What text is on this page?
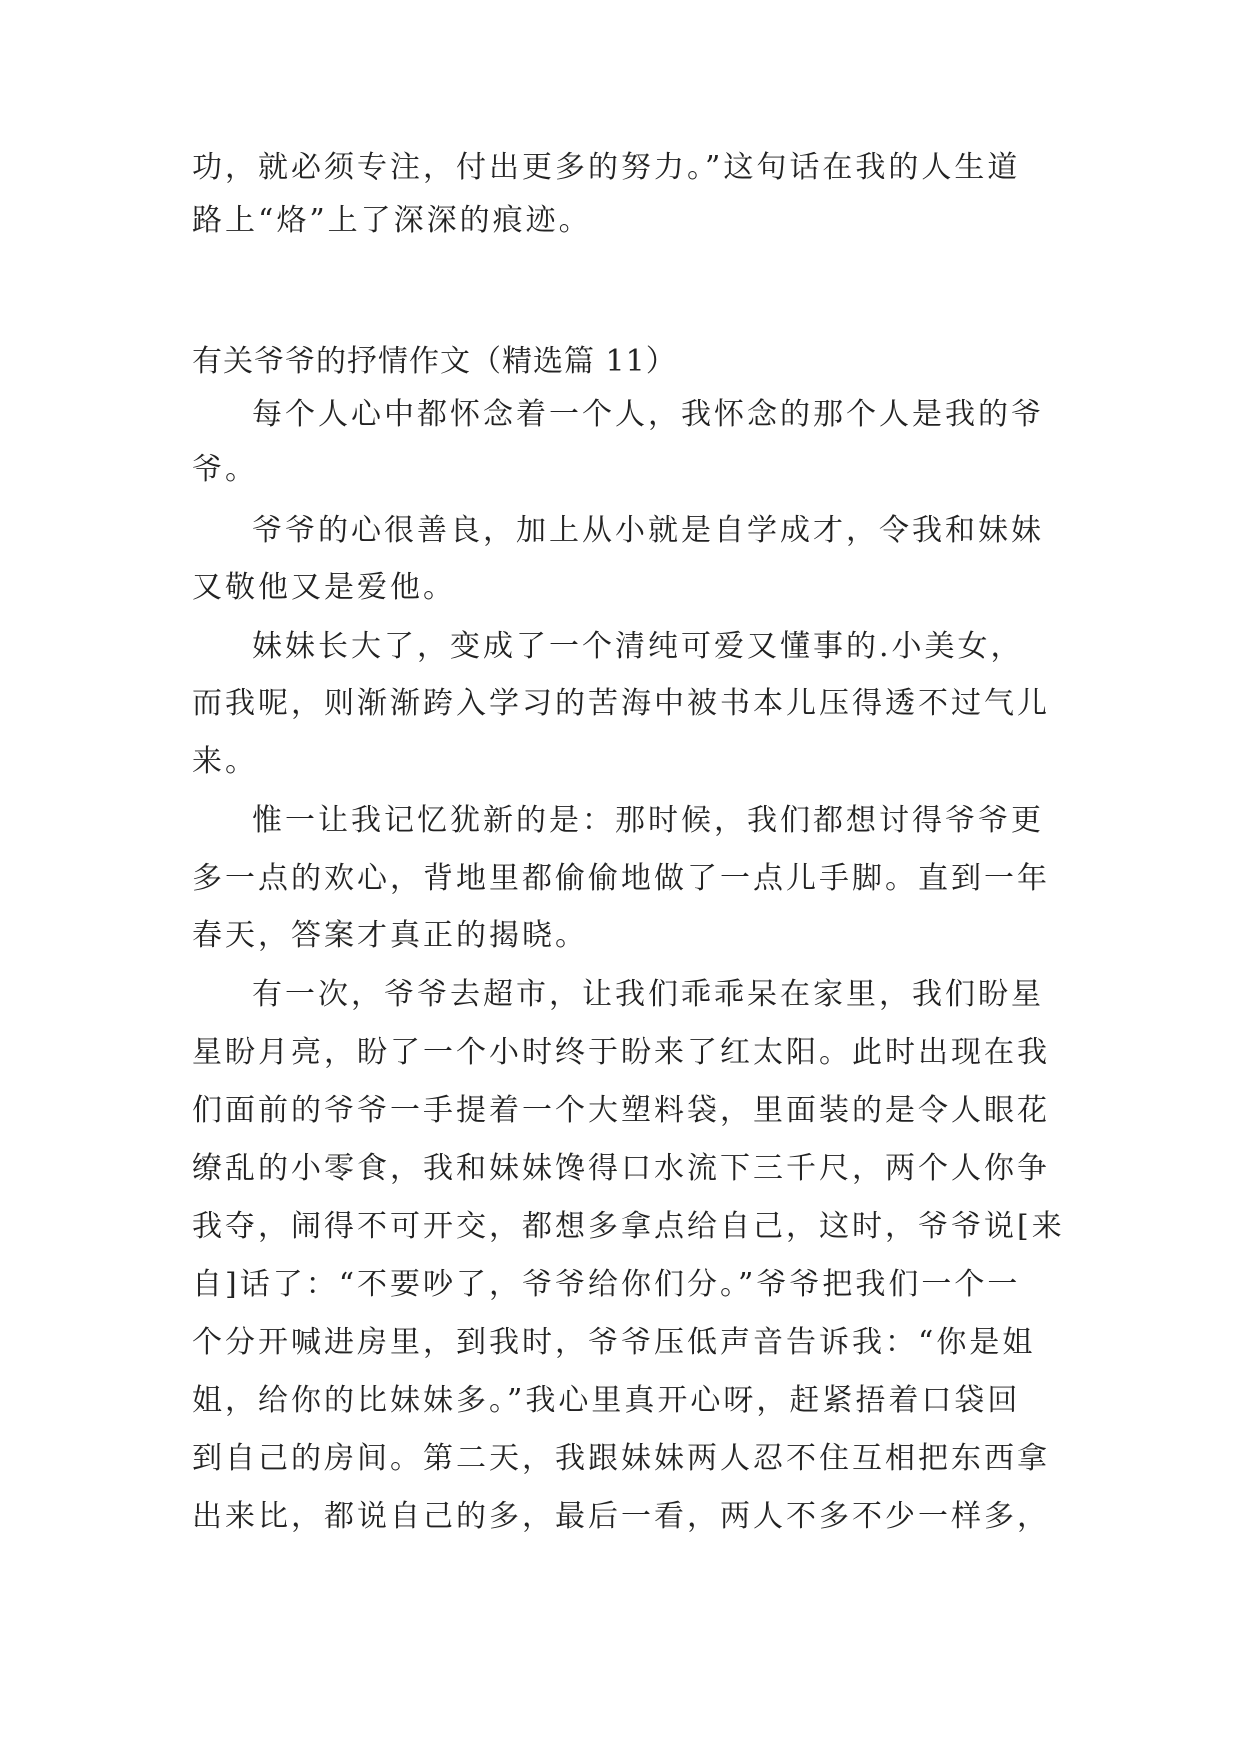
功，就必须专注，付出更多的努力。”这句话在我的人生道

路上“烙”上了深深的痕迹。

有关爷爷的抒情作文（精选篇 11）

每个人心中都怀念着一个人，我怀念的那个人是我的爷

爷。

爷爷的心很善良，加上从小就是自学成才，令我和妹妹

又敬他又是爱他。

妹妹长大了，变成了一个清纯可爱又懂事的.小美女，

而我呢，则渐渐跨入学习的苦海中被书本儿压得透不过气儿

来。

惟一让我记忆犹新的是：那时候，我们都想讨得爷爷更

多一点的欢心，背地里都偷偷地做了一点儿手脚。直到一年

春天，答案才真正的揭晓。

有一次，爷爷去超市，让我们乖乖呆在家里，我们盼星

星盼月亮，盼了一个小时终于盼来了红太阳。此时出现在我

们面前的爷爷一手提着一个大塑料袋，里面装的是令人眼花

缭乱的小零食，我和妹妹馋得口水流下三千尺，两个人你争

我夺，闹得不可开交，都想多拿点给自己，这时，爷爷说[来

自]话了：“不要吵了，爷爷给你们分。”爷爷把我们一个一

个分开喊进房里，到我时，爷爷压低声音告诉我：“你是姐

姐，给你的比妹妹多。”我心里真开心呀，赶紧捂着口袋回

到自己的房间。第二天，我跟妹妹两人忍不住互相把东西拿

出来比，都说自己的多，最后一看，两人不多不少一样多，
